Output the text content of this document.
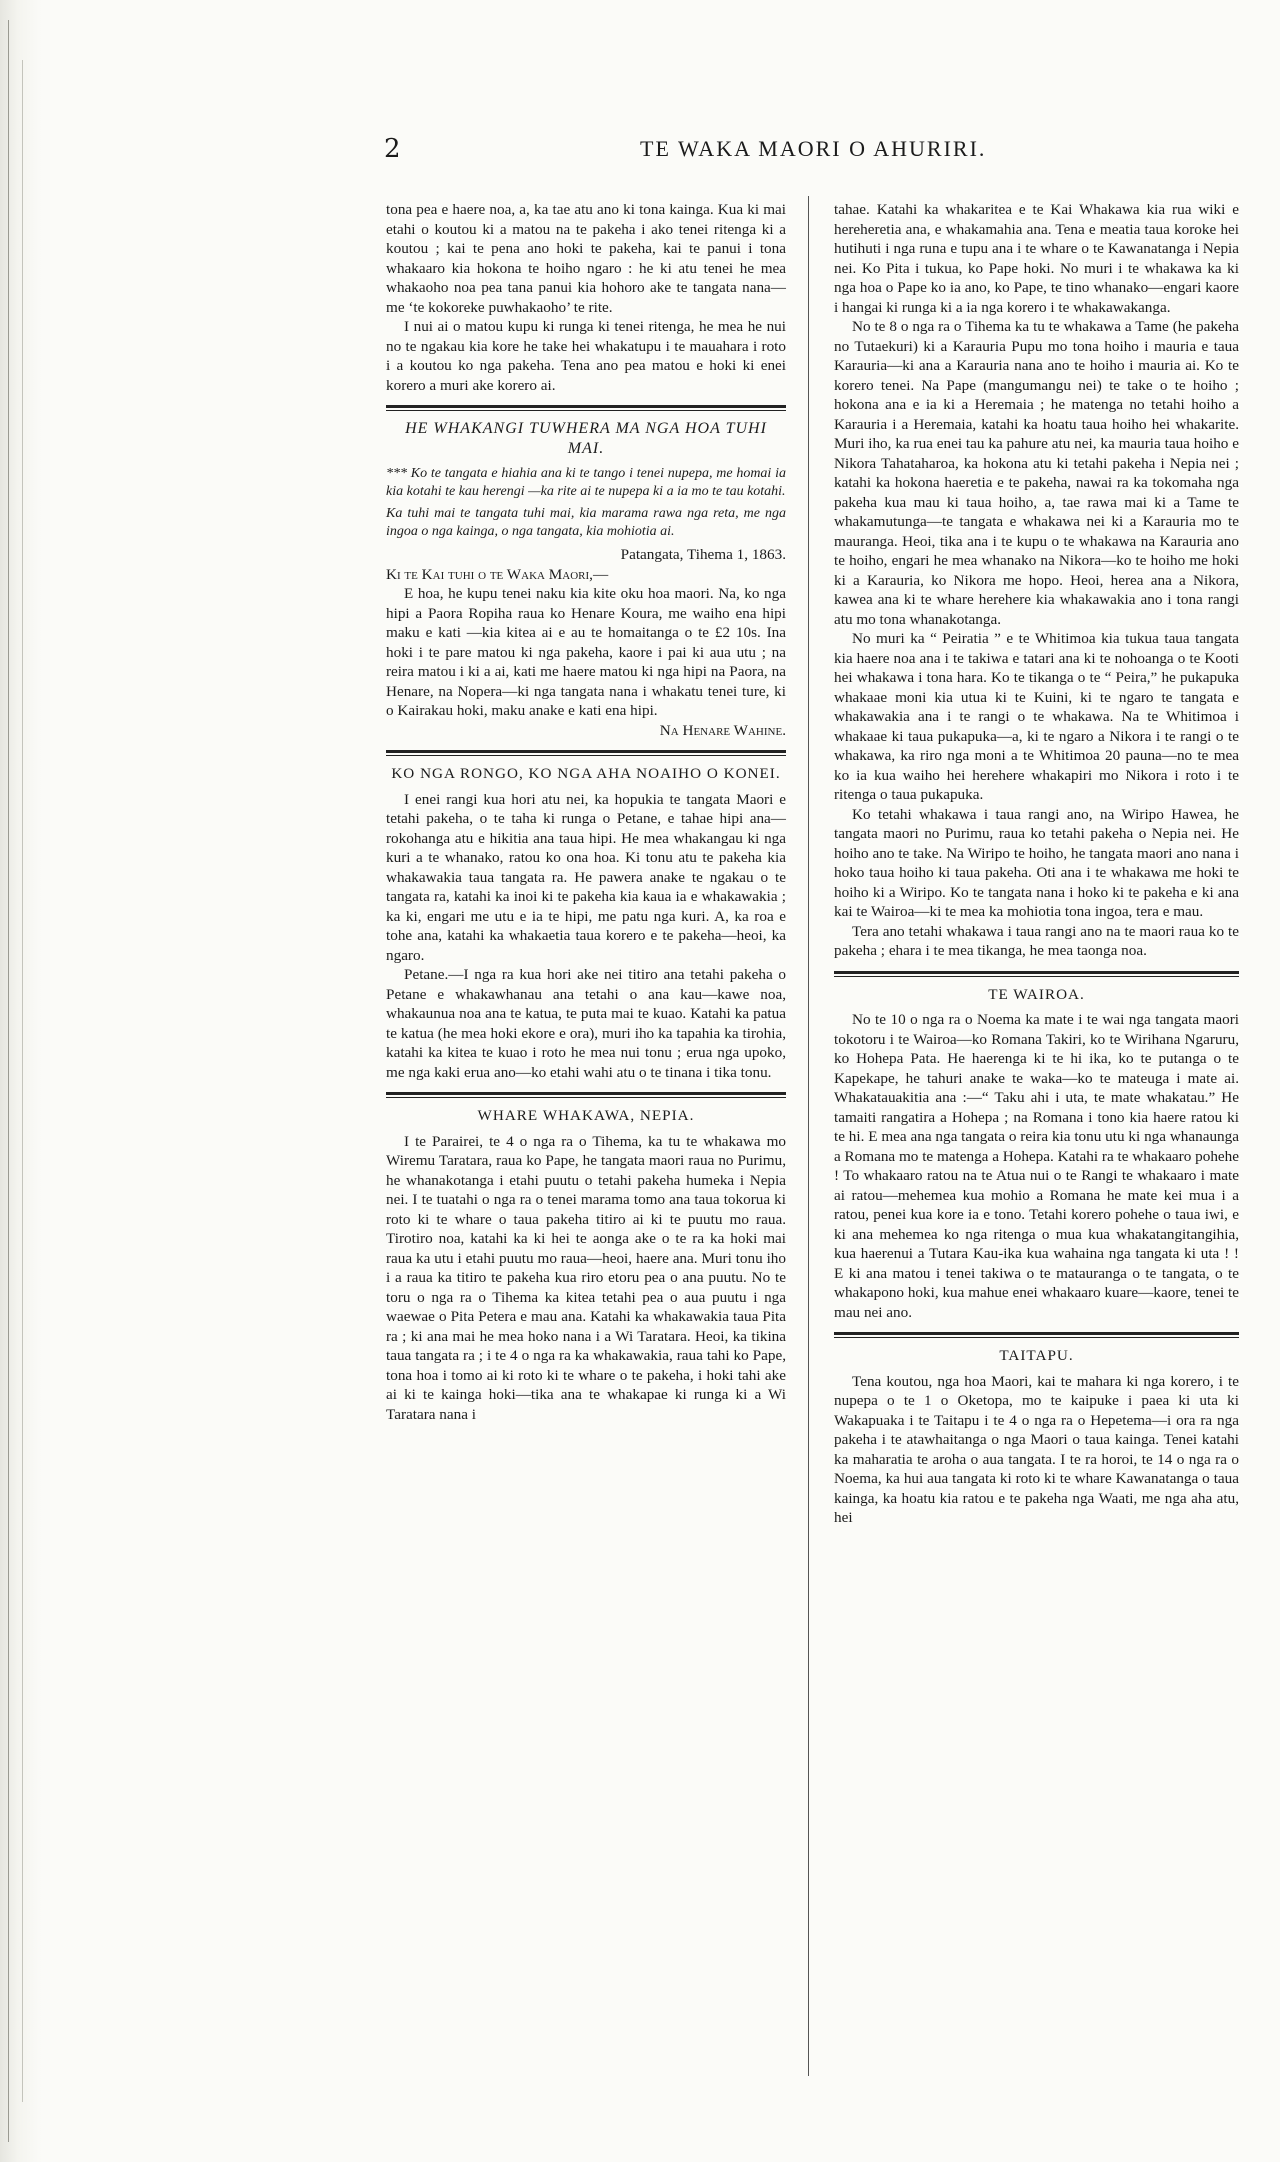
2	TE WAKA MAORI O AHURIRI.

tona pea e haere noa, a, ka tae atu ano ki tona kainga. Kua ki mai etahi o koutou ki a matou na te pakeha i ako tenei ritenga ki a koutou ; kai te pena ano hoki te pakeha, kai te panui i tona whakaaro kia hokona te hoiho ngaro : he ki atu tenei he mea whakaoho noa pea tana panui kia hohoro ake te tangata nana—me ‘te kokoreke puwhakaoho’ te rite.

I nui ai o matou kupu ki runga ki tenei ritenga, he mea he nui no te ngakau kia kore he take hei whakatupu i te mauahara i roto i a koutou ko nga pakeha. Tena ano pea matou e hoki ki enei korero a muri ake korero ai.

HE WHAKANGI TUWHERA MA NGA HOA TUHI MAI.
*** Ko te tangata e hiahia ana ki te tango i tenei nupepa, me homai ia kia kotahi te kau herengi —ka rite ai te nupepa ki a ia mo te tau kotahi.
Ka tuhi mai te tangata tuhi mai, kia marama rawa nga reta, me nga ingoa o nga kainga, o nga tangata, kia mohiotia ai.
Patangata, Tihema 1, 1863.
Ki te Kai tuhi o te Waka Maori,—

E hoa, he kupu tenei naku kia kite oku hoa maori. Na, ko nga hipi a Paora Ropiha raua ko Henare Koura, me waiho ena hipi maku e kati —kia kitea ai e au te homaitanga o te £2 10s. Ina hoki i te pare matou ki nga pakeha, kaore i pai ki aua utu ; na reira matou i ki a ai, kati me haere matou ki nga hipi na Paora, na Henare, na Nopera—ki nga tangata nana i whakatu tenei ture, ki o Kairakau hoki, maku anake e kati ena hipi.

Na Henare Wahine.
KO NGA RONGO, KO NGA AHA NOAIHO O KONEI.

I enei rangi kua hori atu nei, ka hopukia te tangata Maori e tetahi pakeha, o te taha ki runga o Petane, e tahae hipi ana—rokohanga atu e hikitia ana taua hipi. He mea whakangau ki nga kuri a te whanako, ratou ko ona hoa. Ki tonu atu te pakeha kia whakawakia taua tangata ra. He pawera anake te ngakau o te tangata ra, katahi ka inoi ki te pakeha kia kaua ia e whakawakia ; ka ki, engari me utu e ia te hipi, me patu nga kuri. A, ka roa e tohe ana, katahi ka whakaetia taua korero e te pakeha—heoi, ka ngaro.

Petane.—I nga ra kua hori ake nei titiro ana tetahi pakeha o Petane e whakawhanau ana tetahi o ana kau—kawe noa, whakaunua noa ana te katua, te puta mai te kuao. Katahi ka patua te katua (he mea hoki ekore e ora), muri iho ka tapahia ka tirohia, katahi ka kitea te kuao i roto he mea nui tonu ; erua nga upoko, me nga kaki erua ano—ko etahi wahi atu o te tinana i tika tonu.

WHARE WHAKAWA, NEPIA.

I te Parairei, te 4 o nga ra o Tihema, ka tu te whakawa mo Wiremu Taratara, raua ko Pape, he tangata maori raua no Purimu, he whanakotanga i etahi puutu o tetahi pakeha humeka i Nepia nei. I te tuatahi o nga ra o tenei marama tomo ana taua tokorua ki roto ki te whare o taua pakeha titiro ai ki te puutu mo raua. Tirotiro noa, katahi ka ki hei te aonga ake o te ra ka hoki mai raua ka utu i etahi puutu mo raua—heoi, haere ana. Muri tonu iho i a raua ka titiro te pakeha kua riro etoru pea o ana puutu. No te toru o nga ra o Tihema ka kitea tetahi pea o aua puutu i nga waewae o Pita Petera e mau ana. Katahi ka whakawakia taua Pita ra ; ki ana mai he mea hoko nana i a Wi Taratara. Heoi, ka tikina taua tangata ra ; i te 4 o nga ra ka whakawakia, raua tahi ko Pape, tona hoa i tomo ai ki roto ki te whare o te pakeha, i hoki tahi ake ai ki te kainga hoki—tika ana te whakapae ki runga ki a Wi Taratara nana i

tahae. Katahi ka whakaritea e te Kai Whakawa kia rua wiki e hereheretia ana, e whakamahia ana. Tena e meatia taua koroke hei hutihuti i nga runa e tupu ana i te whare o te Kawanatanga i Nepia nei. Ko Pita i tukua, ko Pape hoki. No muri i te whakawa ka ki nga hoa o Pape ko ia ano, ko Pape, te tino whanako—engari kaore i hangai ki runga ki a ia nga korero i te whakawakanga.

No te 8 o nga ra o Tihema ka tu te whakawa a Tame (he pakeha no Tutaekuri) ki a Karauria Pupu mo tona hoiho i mauria e taua Karauria—ki ana a Karauria nana ano te hoiho i mauria ai. Ko te korero tenei. Na Pape (mangumangu nei) te take o te hoiho ; hokona ana e ia ki a Heremaia ; he matenga no tetahi hoiho a Karauria i a Heremaia, katahi ka hoatu taua hoiho hei whakarite. Muri iho, ka rua enei tau ka pahure atu nei, ka mauria taua hoiho e Nikora Tahataharoa, ka hokona atu ki tetahi pakeha i Nepia nei ; katahi ka hokona haeretia e te pakeha, nawai ra ka tokomaha nga pakeha kua mau ki taua hoiho, a, tae rawa mai ki a Tame te whakamutunga—te tangata e whakawa nei ki a Karauria mo te mauranga. Heoi, tika ana i te kupu o te whakawa na Karauria ano te hoiho, engari he mea whanako na Nikora—ko te hoiho me hoki ki a Karauria, ko Nikora me hopo. Heoi, herea ana a Nikora, kawea ana ki te whare herehere kia whakawakia ano i tona rangi atu mo tona whanakotanga.

No muri ka “ Peiratia ” e te Whitimoa kia tukua taua tangata kia haere noa ana i te takiwa e tatari ana ki te nohoanga o te Kooti hei whakawa i tona hara. Ko te tikanga o te “ Peira,” he pukapuka whakaae moni kia utua ki te Kuini, ki te ngaro te tangata e whakawakia ana i te rangi o te whakawa. Na te Whitimoa i whakaae ki taua pukapuka—a, ki te ngaro a Nikora i te rangi o te whakawa, ka riro nga moni a te Whitimoa 20 pauna—no te mea ko ia kua waiho hei herehere whakapiri mo Nikora i roto i te ritenga o taua pukapuka.

Ko tetahi whakawa i taua rangi ano, na Wiripo Hawea, he tangata maori no Purimu, raua ko tetahi pakeha o Nepia nei. He hoiho ano te take. Na Wiripo te hoiho, he tangata maori ano nana i hoko taua hoiho ki taua pakeha. Oti ana i te whakawa me hoki te hoiho ki a Wiripo. Ko te tangata nana i hoko ki te pakeha e ki ana kai te Wairoa—ki te mea ka mohiotia tona ingoa, tera e mau.

Tera ano tetahi whakawa i taua rangi ano na te maori raua ko te pakeha ; ehara i te mea tikanga, he mea taonga noa.

TE WAIROA.

No te 10 o nga ra o Noema ka mate i te wai nga tangata maori tokotoru i te Wairoa—ko Romana Takiri, ko te Wirihana Ngaruru, ko Hohepa Pata. He haerenga ki te hi ika, ko te putanga o te Kapekape, he tahuri anake te waka—ko te mateuga i mate ai. Whakatauakitia ana :—“ Taku ahi i uta, te mate whakatau.” He tamaiti rangatira a Hohepa ; na Romana i tono kia haere ratou ki te hi. E mea ana nga tangata o reira kia tonu utu ki nga whanaunga a Romana mo te matenga a Hohepa. Katahi ra te whakaaro pohehe ! To whakaaro ratou na te Atua nui o te Rangi te whakaaro i mate ai ratou—mehemea kua mohio a Romana he mate kei mua i a ratou, penei kua kore ia e tono. Tetahi korero pohehe o taua iwi, e ki ana mehemea ko nga ritenga o mua kua whakatangitangihia, kua haerenui a Tutara Kau-ika kua wahaina nga tangata ki uta ! ! E ki ana matou i tenei takiwa o te matauranga o te tangata, o te whakapono hoki, kua mahue enei whakaaro kuare—kaore, tenei te mau nei ano.

TAITAPU.

Tena koutou, nga hoa Maori, kai te mahara ki nga korero, i te nupepa o te 1 o Oketopa, mo te kaipuke i paea ki uta ki Wakapuaka i te Taitapu i te 4 o nga ra o Hepetema—i ora ra nga pakeha i te atawhaitanga o nga Maori o taua kainga. Tenei katahi ka maharatia te aroha o aua tangata. I te ra horoi, te 14 o nga ra o Noema, ka hui aua tangata ki roto ki te whare Kawanatanga o taua kainga, ka hoatu kia ratou e te pakeha nga Waati, me nga aha atu, hei
